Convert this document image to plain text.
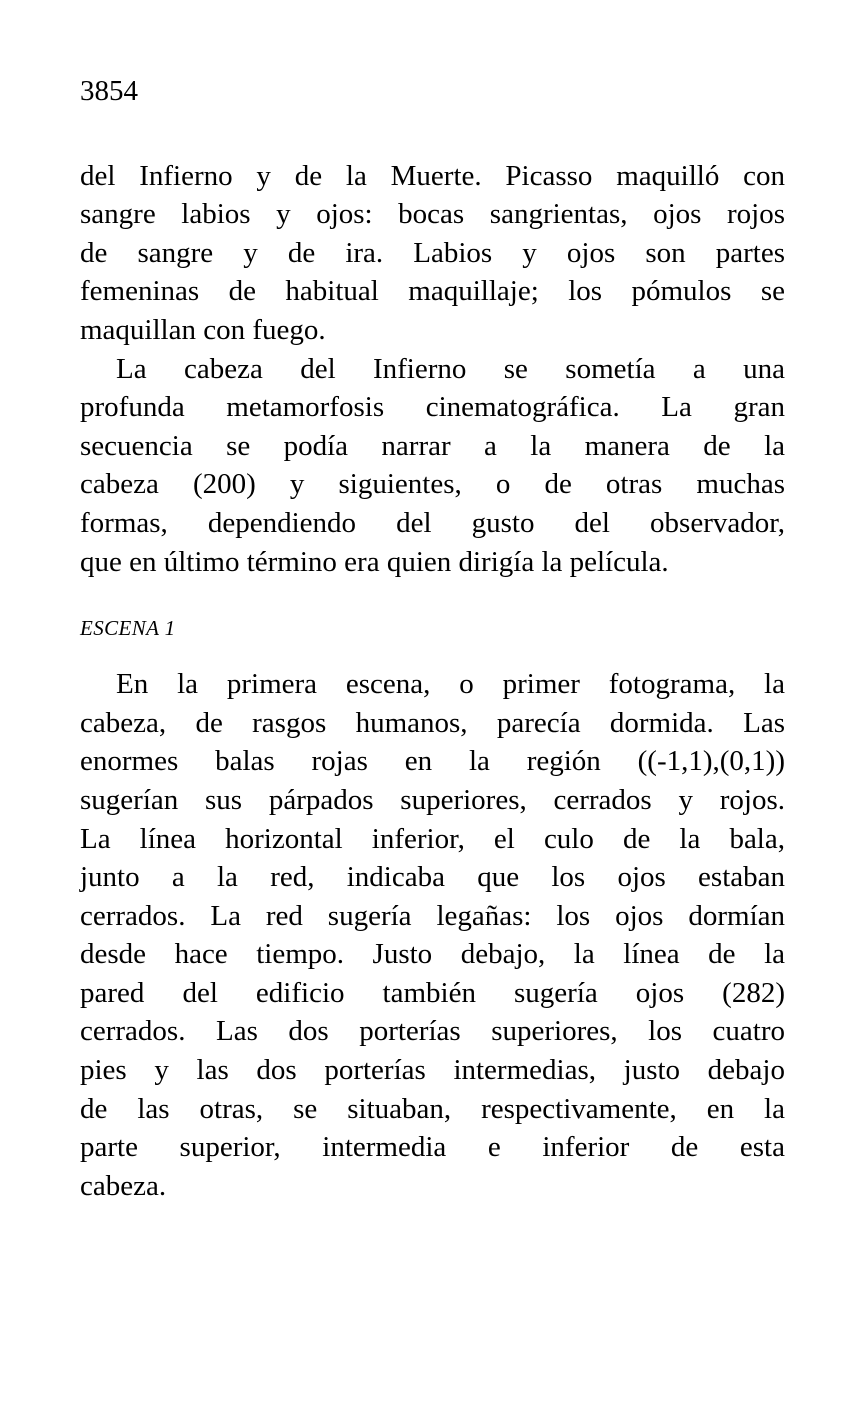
3854
del Infierno y de la Muerte. Picasso maquilló con
sangre labios y ojos: bocas sangrientas, ojos rojos
de sangre y de ira. Labios y ojos son partes
femeninas de habitual maquillaje; los pómulos se
maquillan con fuego.
La cabeza del Infierno se sometía a una
profunda metamorfosis cinematográfica. La gran
secuencia se podía narrar a la manera de la
cabeza (200) y siguientes, o de otras muchas
formas, dependiendo del gusto del observador,
que en último término era quien dirigía la película.
ESCENA 1
En la primera escena, o primer fotograma, la
cabeza, de rasgos humanos, parecía dormida. Las
enormes balas rojas en la región ((-1,1),(0,1))
sugerían sus párpados superiores, cerrados y rojos.
La línea horizontal inferior, el culo de la bala,
junto a la red, indicaba que los ojos estaban
cerrados. La red sugería legañas: los ojos dormían
desde hace tiempo. Justo debajo, la línea de la
pared del edificio también sugería ojos (282)
cerrados. Las dos porterías superiores, los cuatro
pies y las dos porterías intermedias, justo debajo
de las otras, se situaban, respectivamente, en la
parte superior, intermedia e inferior de esta
cabeza.
